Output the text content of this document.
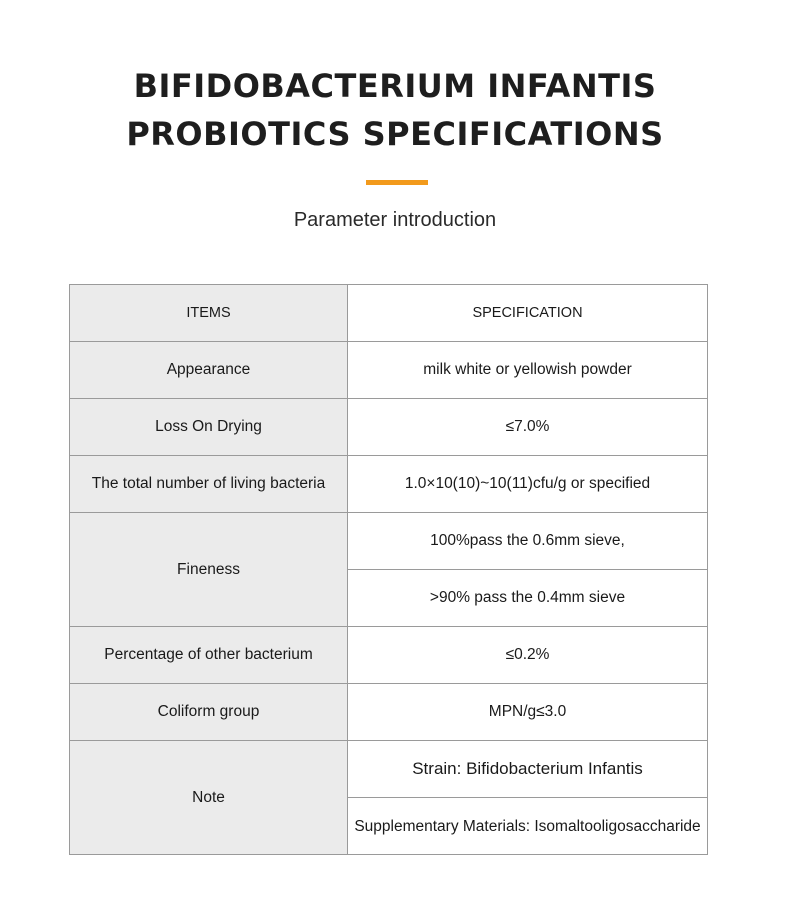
BIFIDOBACTERIUM INFANTIS
PROBIOTICS SPECIFICATIONS
Parameter introduction
ITEMS	SPECIFICATION
Appearance	milk white or yellowish powder
Loss On Drying	≤7.0%
The total number of living bacteria	1.0×10(10)~10(11)cfu/g or specified
Fineness	100%pass the 0.6mm sieve,
	>90% pass the 0.4mm sieve
Percentage of other bacterium	≤0.2%
Coliform group	MPN/g≤3.0
Note	Strain: Bifidobacterium Infantis
	Supplementary Materials: Isomaltooligosaccharide
